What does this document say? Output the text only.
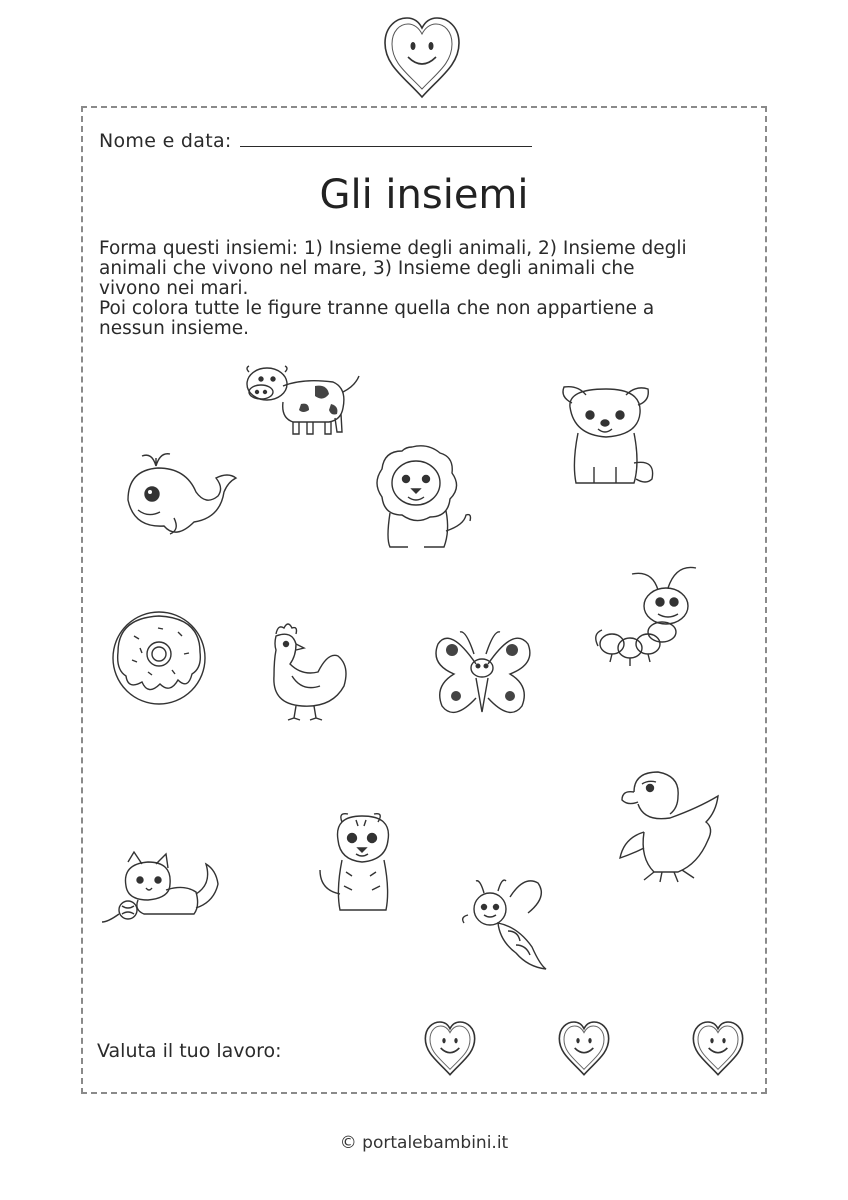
Nome e data:
Gli insiemi

Forma questi insiemi: 1) Insieme degli animali, 2) Insieme degli

animali che vivono nel mare, 3) Insieme degli animali che

vivono nei mari.

Poi colora tutte le figure tranne quella che non appartiene a

nessun insieme.

Valuta il tuo lavoro:
© portalebambini.it
